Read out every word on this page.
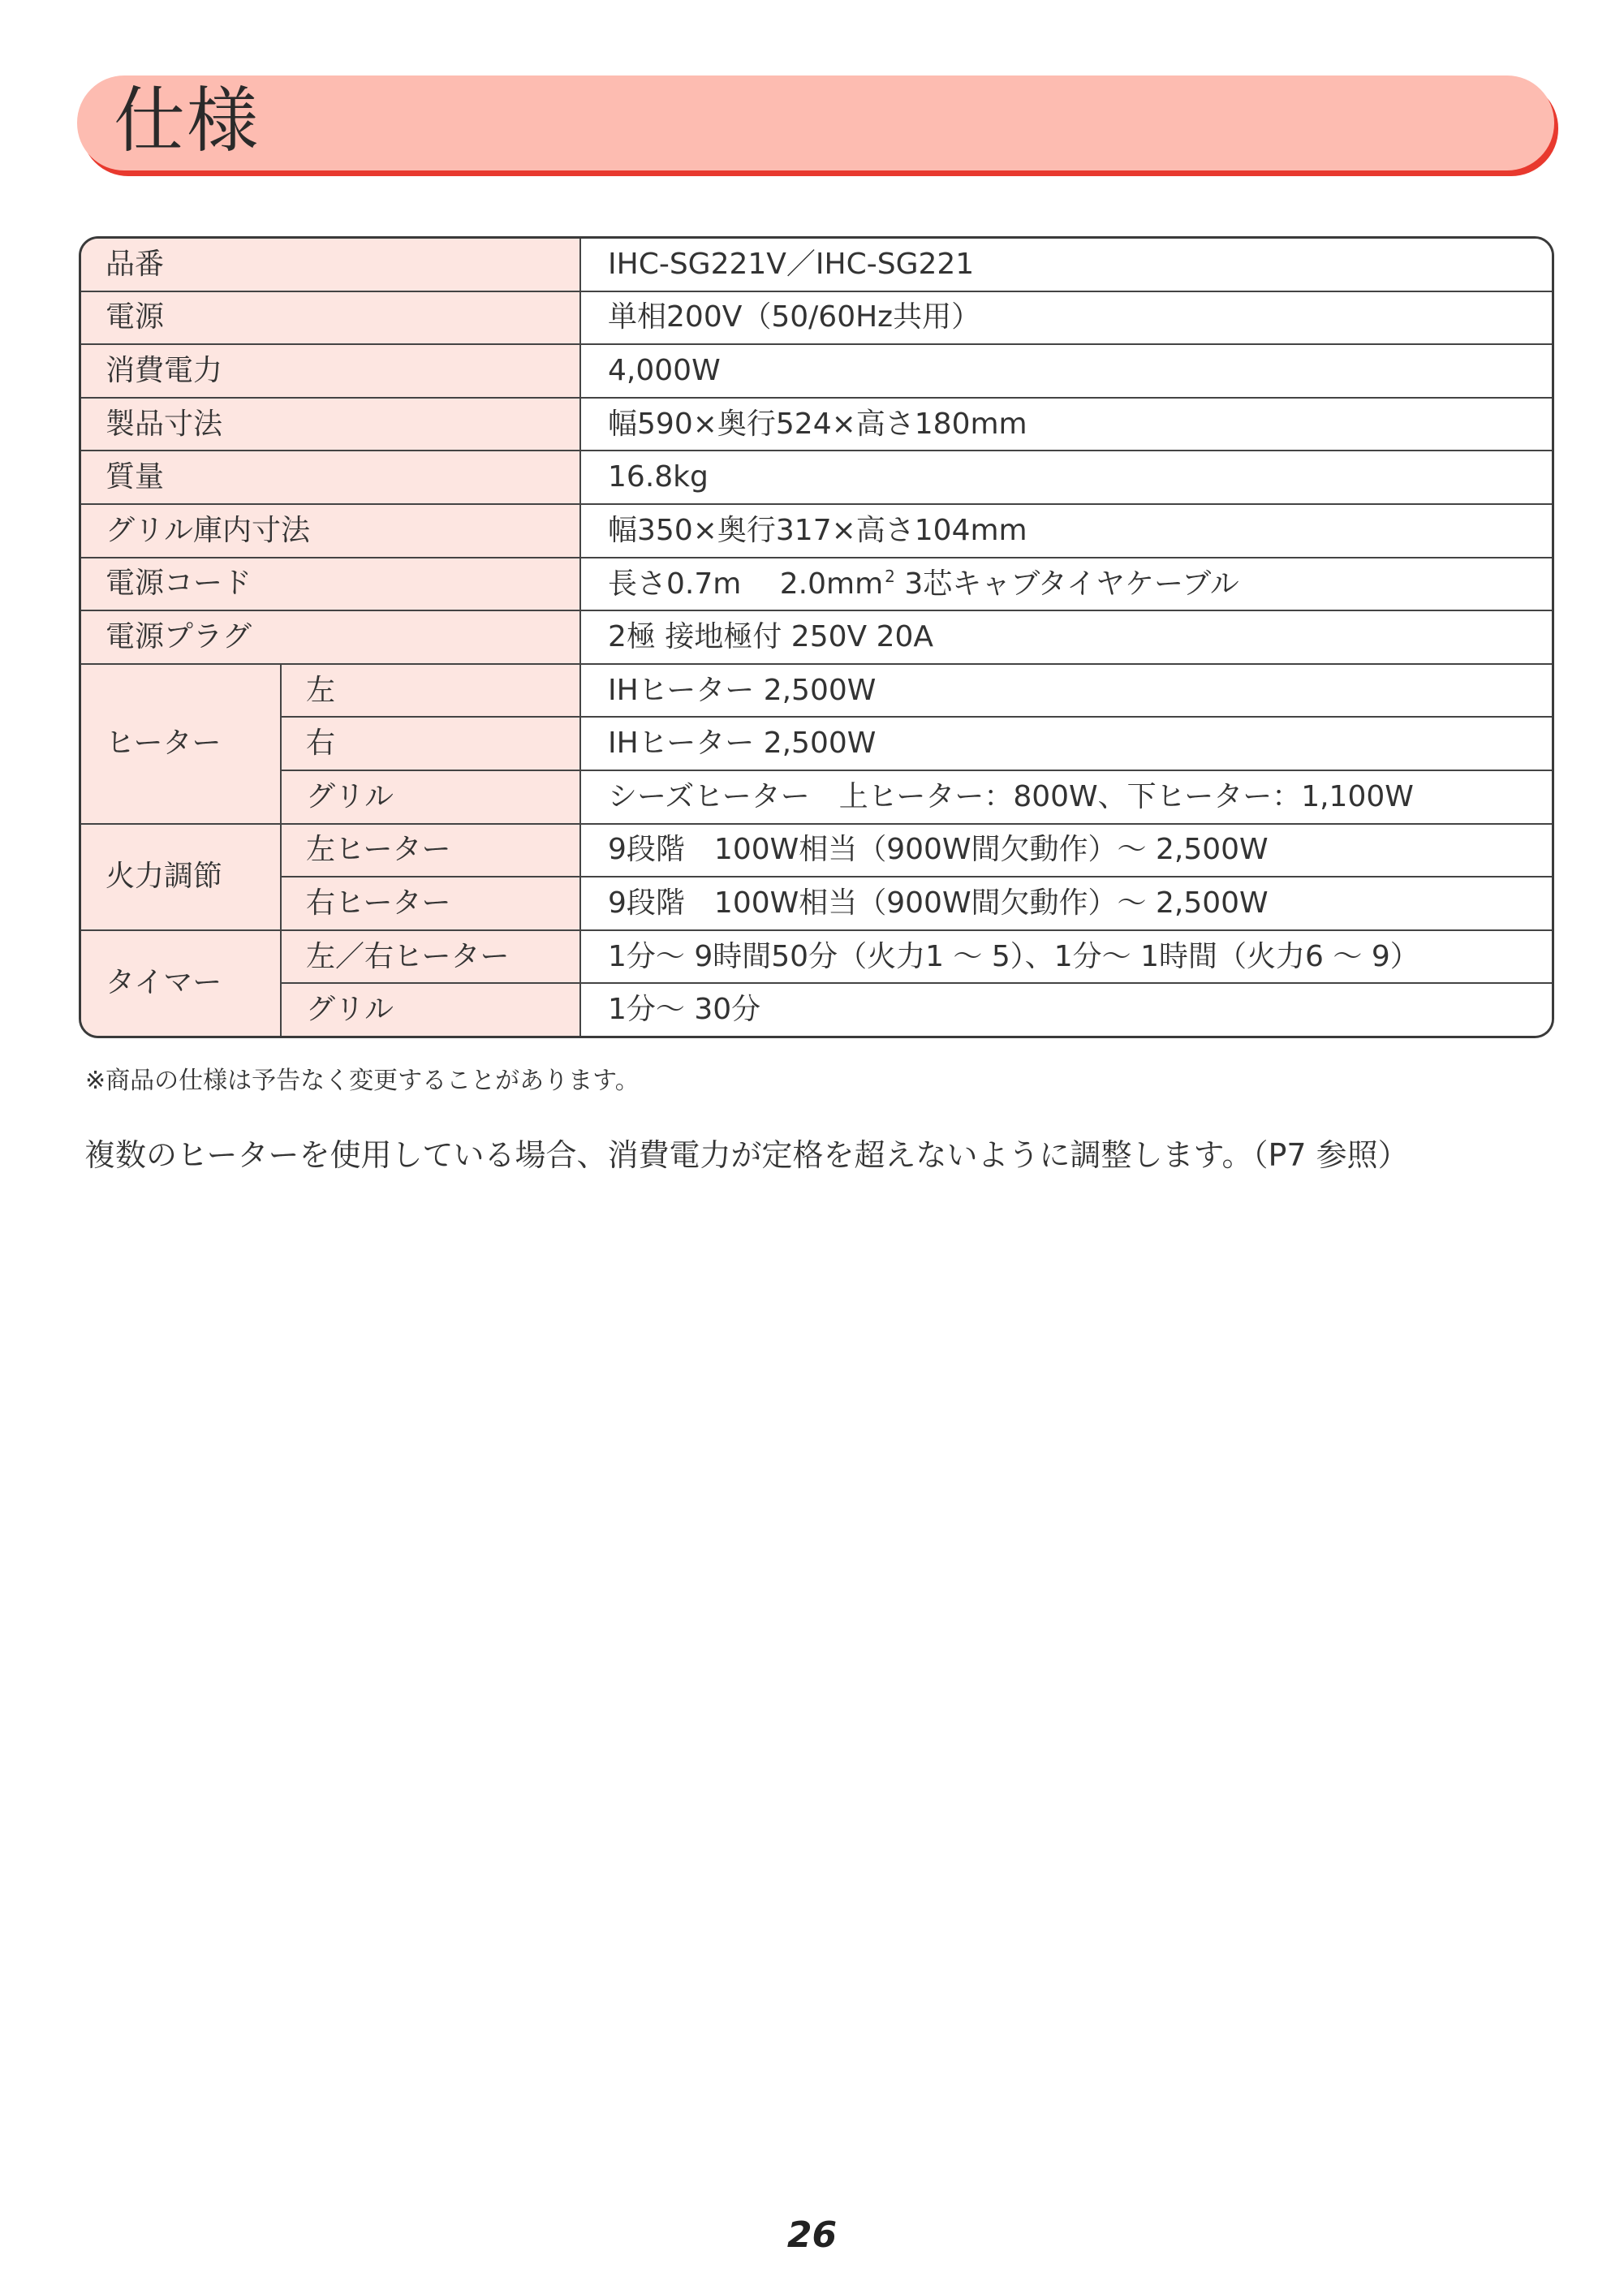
仕様
品番		IHC-SG221V／IHC-SG221
電源		単相200V（50/60Hz共用）
消費電力		4,000W
製品寸法		幅590×奥行524×高さ180mm
質量		16.8kg
グリル庫内寸法		幅350×奥行317×高さ104mm
電源コード		長さ0.7m　 2.0mm $^2$ 3芯キャブタイヤケーブル
電源プラグ		2極 接地極付 250V 20A
ヒーター	左	IHヒーター 2,500W
	右	IHヒーター 2,500W
	グリル	シーズヒーター　上ヒーター：800W、下ヒーター：1,100W
火力調節	左ヒーター	9段階　100W相当（900W間欠動作）～ 2,500W
	右ヒーター	9段階　100W相当（900W間欠動作）～ 2,500W
タイマー	左／右ヒーター	1分～ 9時間50分（火力1 ～ 5）、1分～ 1時間（火力6 ～ 9）
	グリル	1分～ 30分
※商品の仕様は予告なく変更することがあります。
複数のヒーターを使用している場合、消費電力が定格を超えないように調整します。（P7 参照）
26
